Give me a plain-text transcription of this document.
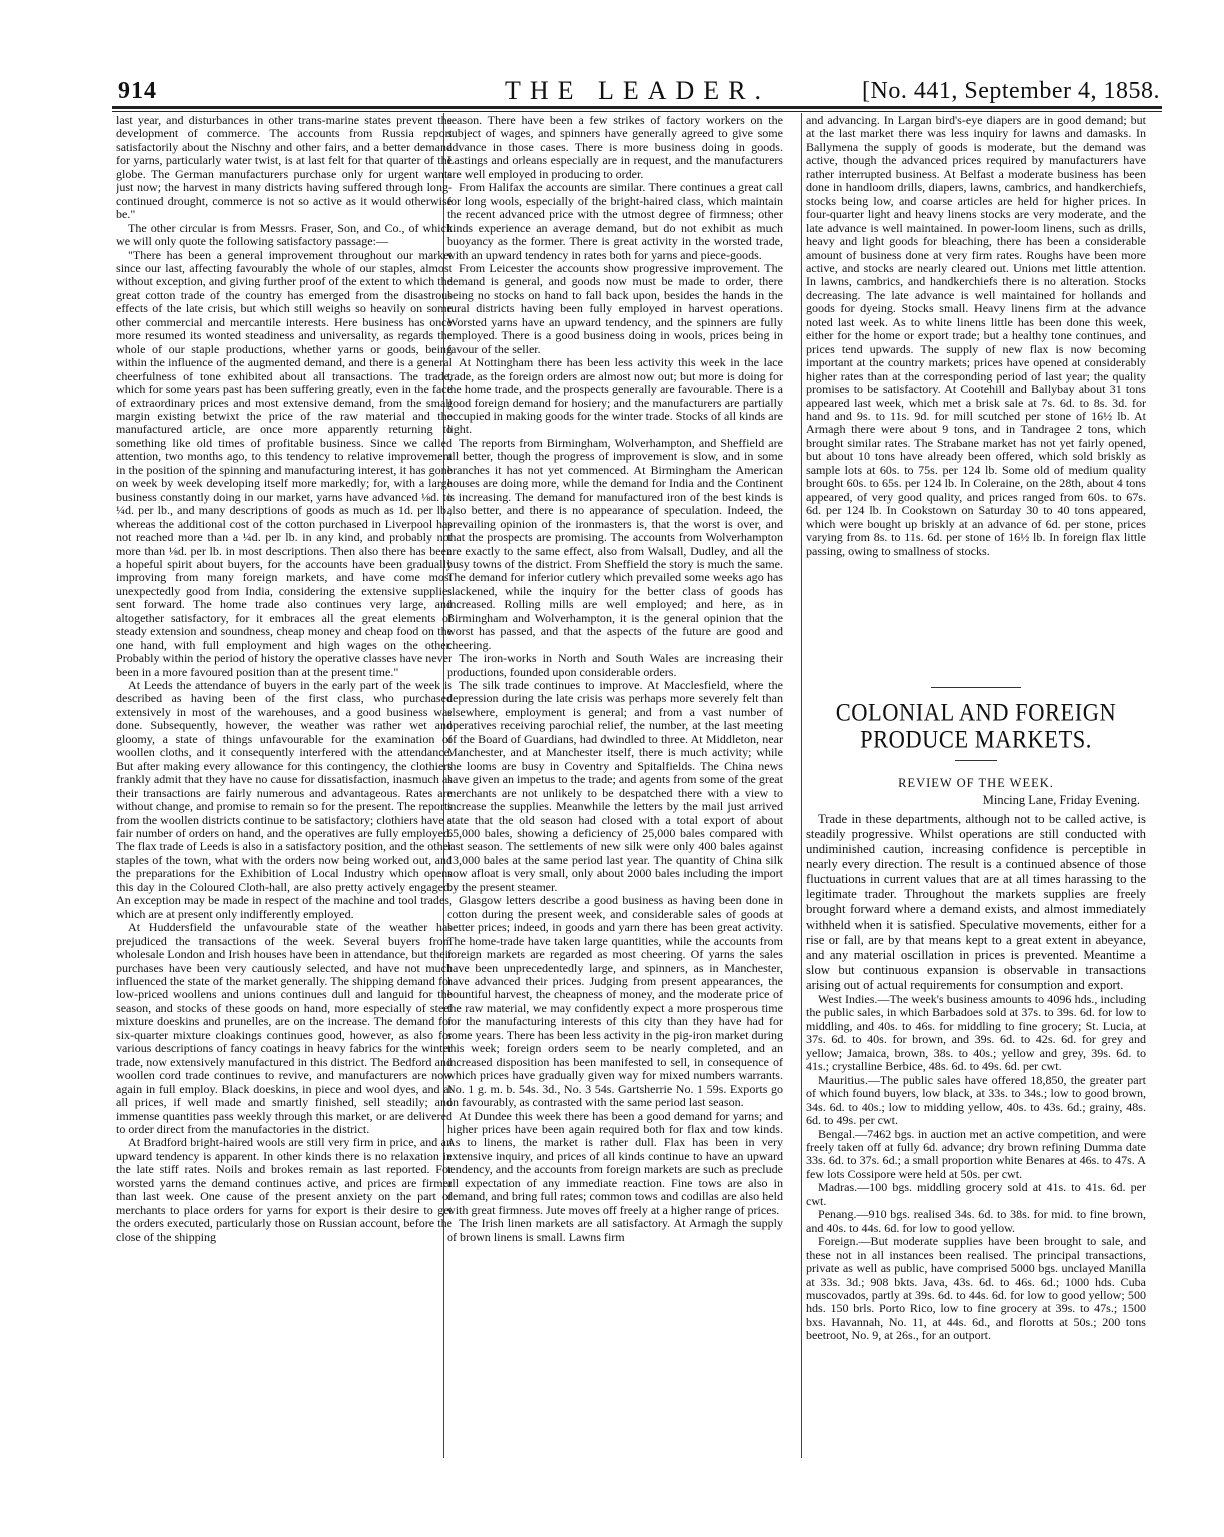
914	THE LEADER.	[No. 441, September 4, 1858.

last year, and disturbances in other trans-marine states prevent the development of commerce. The accounts from Russia report satisfactorily about the Nischny and other fairs, and a better demand for yarns, particularly water twist, is at last felt for that quarter of the globe. The German manufacturers purchase only for urgent wants just now; the harvest in many districts having suffered through long-continued drought, commerce is not so active as it would otherwise be."

The other circular is from Messrs. Fraser, Son, and Co., of which we will only quote the following satisfactory passage:—

"There has been a general improvement throughout our market since our last, affecting favourably the whole of our staples, almost without exception, and giving further proof of the extent to which the great cotton trade of the country has emerged from the disastrous effects of the late crisis, but which still weighs so heavily on some other commercial and mercantile interests. Here business has once more resumed its wonted steadiness and universality, as regards the whole of our staple productions, whether yarns or goods, being within the influence of the augmented demand, and there is a general cheerfulness of tone exhibited about all transactions. The trade, which for some years past has been suffering greatly, even in the face of extraordinary prices and most extensive demand, from the small margin existing betwixt the price of the raw material and the manufactured article, are once more apparently returning to something like old times of profitable business. Since we called attention, two months ago, to this tendency to relative improvement in the position of the spinning and manufacturing interest, it has gone on week by week developing itself more markedly; for, with a large business constantly doing in our market, yarns have advanced ⅛d. to ¼d. per lb., and many descriptions of goods as much as 1d. per lb., whereas the additional cost of the cotton purchased in Liverpool has not reached more than a ¼d. per lb. in any kind, and probably not more than ⅛d. per lb. in most descriptions. Then also there has been a hopeful spirit about buyers, for the accounts have been gradually improving from many foreign markets, and have come most unexpectedly good from India, considering the extensive supplies sent forward. The home trade also continues very large, and altogether satisfactory, for it embraces all the great elements of steady extension and soundness, cheap money and cheap food on the one hand, with full employment and high wages on the other. Probably within the period of history the operative classes have never been in a more favoured position than at the present time."

At Leeds the attendance of buyers in the early part of the week is described as having been of the first class, who purchased extensively in most of the warehouses, and a good business was done. Subsequently, however, the weather was rather wet and gloomy, a state of things unfavourable for the examination of woollen cloths, and it consequently interfered with the attendance. But after making every allowance for this contingency, the clothiers frankly admit that they have no cause for dissatisfaction, inasmuch as their transactions are fairly numerous and advantageous. Rates are without change, and promise to remain so for the present. The reports from the woollen districts continue to be satisfactory; clothiers have a fair number of orders on hand, and the operatives are fully employed. The flax trade of Leeds is also in a satisfactory position, and the other staples of the town, what with the orders now being worked out, and the preparations for the Exhibition of Local Industry which opens this day in the Coloured Cloth-hall, are also pretty actively engaged. An exception may be made in respect of the machine and tool trades, which are at present only indifferently employed.

At Huddersfield the unfavourable state of the weather has prejudiced the transactions of the week. Several buyers from wholesale London and Irish houses have been in attendance, but their purchases have been very cautiously selected, and have not much influenced the state of the market generally. The shipping demand for low-priced woollens and unions continues dull and languid for the season, and stocks of these goods on hand, more especially of steel mixture doeskins and prunelles, are on the increase. The demand for six-quarter mixture cloakings continues good, however, as also for various descriptions of fancy coatings in heavy fabrics for the winter trade, now extensively manufactured in this district. The Bedford and woollen cord trade continues to revive, and manufacturers are now again in full employ. Black doeskins, in piece and wool dyes, and at all prices, if well made and smartly finished, sell steadily; and immense quantities pass weekly through this market, or are delivered to order direct from the manufactories in the district.

At Bradford bright-haired wools are still very firm in price, and an upward tendency is apparent. In other kinds there is no relaxation in the late stiff rates. Noils and brokes remain as last reported. For worsted yarns the demand continues active, and prices are firmer than last week. One cause of the present anxiety on the part of merchants to place orders for yarns for export is their desire to get the orders executed, particularly those on Russian account, before the close of the shipping

season. There have been a few strikes of factory workers on the subject of wages, and spinners have generally agreed to give some advance in those cases. There is more business doing in goods. Lastings and orleans especially are in request, and the manufacturers are well employed in producing to order.

From Halifax the accounts are similar. There continues a great call for long wools, especially of the bright-haired class, which maintain the recent advanced price with the utmost degree of firmness; other kinds experience an average demand, but do not exhibit as much buoyancy as the former. There is great activity in the worsted trade, with an upward tendency in rates both for yarns and piece-goods.

From Leicester the accounts show progressive improvement. The demand is general, and goods now must be made to order, there being no stocks on hand to fall back upon, besides the hands in the rural districts having been fully employed in harvest operations. Worsted yarns have an upward tendency, and the spinners are fully employed. There is a good business doing in wools, prices being in favour of the seller.

At Nottingham there has been less activity this week in the lace trade, as the foreign orders are almost now out; but more is doing for the home trade, and the prospects generally are favourable. There is a good foreign demand for hosiery; and the manufacturers are partially occupied in making goods for the winter trade. Stocks of all kinds are light.

The reports from Birmingham, Wolverhampton, and Sheffield are all better, though the progress of improvement is slow, and in some branches it has not yet commenced. At Birmingham the American houses are doing more, while the demand for India and the Continent is increasing. The demand for manufactured iron of the best kinds is also better, and there is no appearance of speculation. Indeed, the prevailing opinion of the ironmasters is, that the worst is over, and that the prospects are promising. The accounts from Wolverhampton are exactly to the same effect, also from Walsall, Dudley, and all the busy towns of the district. From Sheffield the story is much the same. The demand for inferior cutlery which prevailed some weeks ago has slackened, while the inquiry for the better class of goods has increased. Rolling mills are well employed; and here, as in Birmingham and Wolverhampton, it is the general opinion that the worst has passed, and that the aspects of the future are good and cheering.

The iron-works in North and South Wales are increasing their productions, founded upon considerable orders.

The silk trade continues to improve. At Macclesfield, where the depression during the late crisis was perhaps more severely felt than elsewhere, employment is general; and from a vast number of operatives receiving parochial relief, the number, at the last meeting of the Board of Guardians, had dwindled to three. At Middleton, near Manchester, and at Manchester itself, there is much activity; while the looms are busy in Coventry and Spitalfields. The China news have given an impetus to the trade; and agents from some of the great merchants are not unlikely to be despatched there with a view to increase the supplies. Meanwhile the letters by the mail just arrived state that the old season had closed with a total export of about 65,000 bales, showing a deficiency of 25,000 bales compared with last season. The settlements of new silk were only 400 bales against 13,000 bales at the same period last year. The quantity of China silk now afloat is very small, only about 2000 bales including the import by the present steamer.

Glasgow letters describe a good business as having been done in cotton during the present week, and considerable sales of goods at better prices; indeed, in goods and yarn there has been great activity. The home-trade have taken large quantities, while the accounts from foreign markets are regarded as most cheering. Of yarns the sales have been unprecedentedly large, and spinners, as in Manchester, have advanced their prices. Judging from present appearances, the bountiful harvest, the cheapness of money, and the moderate price of the raw material, we may confidently expect a more prosperous time for the manufacturing interests of this city than they have had for some years. There has been less activity in the pig-iron market during this week; foreign orders seem to be nearly completed, and an increased disposition has been manifested to sell, in consequence of which prices have gradually given way for mixed numbers warrants. No. 1 g. m. b. 54s. 3d., No. 3 54s. Gartsherrie No. 1 59s. Exports go on favourably, as contrasted with the same period last season.

At Dundee this week there has been a good demand for yarns; and higher prices have been again required both for flax and tow kinds. As to linens, the market is rather dull. Flax has been in very extensive inquiry, and prices of all kinds continue to have an upward tendency, and the accounts from foreign markets are such as preclude all expectation of any immediate reaction. Fine tows are also in demand, and bring full rates; common tows and codillas are also held with great firmness. Jute moves off freely at a higher range of prices.

The Irish linen markets are all satisfactory. At Armagh the supply of brown linens is small. Lawns firm

and advancing. In Largan bird's-eye diapers are in good demand; but at the last market there was less inquiry for lawns and damasks. In Ballymena the supply of goods is moderate, but the demand was active, though the advanced prices required by manufacturers have rather interrupted business. At Belfast a moderate business has been done in handloom drills, diapers, lawns, cambrics, and handkerchiefs, stocks being low, and coarse articles are held for higher prices. In four-quarter light and heavy linens stocks are very moderate, and the late advance is well maintained. In power-loom linens, such as drills, heavy and light goods for bleaching, there has been a considerable amount of business done at very firm rates. Roughs have been more active, and stocks are nearly cleared out. Unions met little attention. In lawns, cambrics, and handkerchiefs there is no alteration. Stocks decreasing. The late advance is well maintained for hollands and goods for dyeing. Stocks small. Heavy linens firm at the advance noted last week. As to white linens little has been done this week, either for the home or export trade; but a healthy tone continues, and prices tend upwards. The supply of new flax is now becoming important at the country markets; prices have opened at considerably higher rates than at the corresponding period of last year; the quality promises to be satisfactory. At Cootehill and Ballybay about 31 tons appeared last week, which met a brisk sale at 7s. 6d. to 8s. 3d. for hand and 9s. to 11s. 9d. for mill scutched per stone of 16½ lb. At Armagh there were about 9 tons, and in Tandragee 2 tons, which brought similar rates. The Strabane market has not yet fairly opened, but about 10 tons have already been offered, which sold briskly as sample lots at 60s. to 75s. per 124 lb. Some old of medium quality brought 60s. to 65s. per 124 lb. In Coleraine, on the 28th, about 4 tons appeared, of very good quality, and prices ranged from 60s. to 67s. 6d. per 124 lb. In Cookstown on Saturday 30 to 40 tons appeared, which were bought up briskly at an advance of 6d. per stone, prices varying from 8s. to 11s. 6d. per stone of 16½ lb. In foreign flax little passing, owing to smallness of stocks.

COLONIAL AND FOREIGN PRODUCE MARKETS.
REVIEW OF THE WEEK.
Mincing Lane, Friday Evening.

Trade in these departments, although not to be called active, is steadily progressive. Whilst operations are still conducted with undiminished caution, increasing confidence is perceptible in nearly every direction. The result is a continued absence of those fluctuations in current values that are at all times harassing to the legitimate trader. Throughout the markets supplies are freely brought forward where a demand exists, and almost immediately withheld when it is satisfied. Speculative movements, either for a rise or fall, are by that means kept to a great extent in abeyance, and any material oscillation in prices is prevented. Meantime a slow but continuous expansion is observable in transactions arising out of actual requirements for consumption and export.

West Indies.—The week's business amounts to 4096 hds., including the public sales, in which Barbadoes sold at 37s. to 39s. 6d. for low to middling, and 40s. to 46s. for middling to fine grocery; St. Lucia, at 37s. 6d. to 40s. for brown, and 39s. 6d. to 42s. 6d. for grey and yellow; Jamaica, brown, 38s. to 40s.; yellow and grey, 39s. 6d. to 41s.; crystalline Berbice, 48s. 6d. to 49s. 6d. per cwt.

Mauritius.—The public sales have offered 18,850, the greater part of which found buyers, low black, at 33s. to 34s.; low to good brown, 34s. 6d. to 40s.; low to midding yellow, 40s. to 43s. 6d.; grainy, 48s. 6d. to 49s. per cwt.

Bengal.—7462 bgs. in auction met an active competition, and were freely taken off at fully 6d. advance; dry brown refining Dumma date 33s. 6d. to 37s. 6d.; a small proportion white Benares at 46s. to 47s. A few lots Cossipore were held at 50s. per cwt.

Madras.—100 bgs. middling grocery sold at 41s. to 41s. 6d. per cwt.

Penang.—910 bgs. realised 34s. 6d. to 38s. for mid. to fine brown, and 40s. to 44s. 6d. for low to good yellow.

Foreign.—But moderate supplies have been brought to sale, and these not in all instances been realised. The principal transactions, private as well as public, have comprised 5000 bgs. unclayed Manilla at 33s. 3d.; 908 bkts. Java, 43s. 6d. to 46s. 6d.; 1000 hds. Cuba muscovados, partly at 39s. 6d. to 44s. 6d. for low to good yellow; 500 hds. 150 brls. Porto Rico, low to fine grocery at 39s. to 47s.; 1500 bxs. Havannah, No. 11, at 44s. 6d., and florotts at 50s.; 200 tons beetroot, No. 9, at 26s., for an outport.
